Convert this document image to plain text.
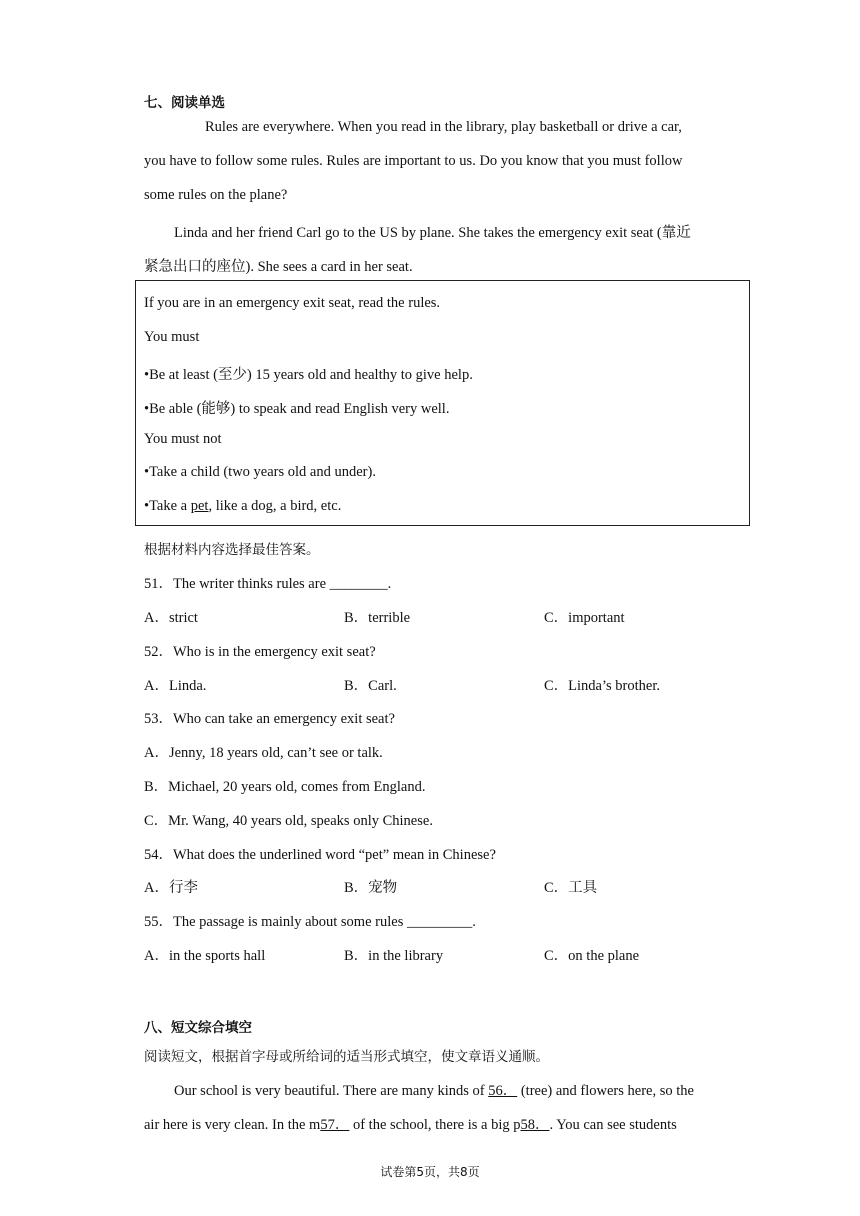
七、阅读单选
Rules are everywhere. When you read in the library, play basketball or drive a car,
you have to follow some rules. Rules are important to us. Do you know that you must follow
some rules on the plane?
Linda and her friend Carl go to the US by plane. She takes the emergency exit seat (靠近
紧急出口的座位). She sees a card in her seat.
If you are in an emergency exit seat, read the rules.
You must
•Be at least (至少) 15 years old and healthy to give help.
•Be able (能够) to speak and read English very well.
You must not
•Take a child (two years old and under).
•Take a pet, like a dog, a bird, etc.
根据材料内容选择最佳答案。
51．The writer thinks rules are ________.
A．strict	B．terrible	C．important
52．Who is in the emergency exit seat?
A．Linda.	B．Carl.	C．Linda’s brother.
53．Who can take an emergency exit seat?
A．Jenny, 18 years old, can’t see or talk.
B．Michael, 20 years old, comes from England.
C．Mr. Wang, 40 years old, speaks only Chinese.
54．What does the underlined word “pet” mean in Chinese?
A．行李	B．宠物	C．工具
55．The passage is mainly about some rules _________.
A．in the sports hall	B．in the library	C．on the plane
八、短文综合填空
阅读短文，根据首字母或所给词的适当形式填空，使文章语义通顺。
Our school is very beautiful. There are many kinds of 56． (tree) and flowers here, so the
air here is very clean. In the m57． of the school, there is a big p58．. You can see students
试卷第5页，共8页
